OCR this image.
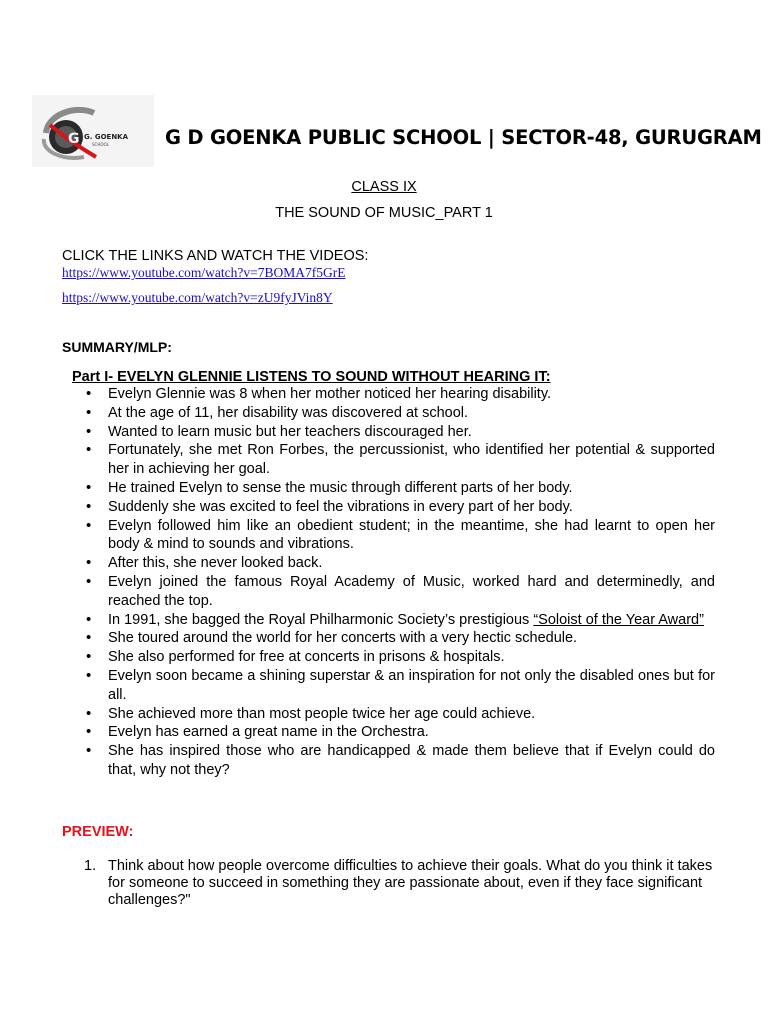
G G. GOENKA
SCHOOL	G D GOENKA PUBLIC SCHOOL | SECTOR-48, GURUGRAM
CLASS IX
THE SOUND OF MUSIC_PART 1
CLICK THE LINKS AND WATCH THE VIDEOS:
https://www.youtube.com/watch?v=7BOMA7f5GrE
https://www.youtube.com/watch?v=zU9fyJVin8Y
SUMMARY/MLP:
Part I- EVELYN GLENNIE LISTENS TO SOUND WITHOUT HEARING IT:
• Evelyn Glennie was 8 when her mother noticed her hearing disability.
• At the age of 11, her disability was discovered at school.
• Wanted to learn music but her teachers discouraged her.
• Fortunately, she met Ron Forbes, the percussionist, who identified her potential & supported her in achieving her goal.
• He trained Evelyn to sense the music through different parts of her body.
• Suddenly she was excited to feel the vibrations in every part of her body.
• Evelyn followed him like an obedient student; in the meantime, she had learnt to open her body & mind to sounds and vibrations.
• After this, she never looked back.
• Evelyn joined the famous Royal Academy of Music, worked hard and determinedly, and reached the top.
• In 1991, she bagged the Royal Philharmonic Society’s prestigious “Soloist of the Year Award”
• She toured around the world for her concerts with a very hectic schedule.
• She also performed for free at concerts in prisons & hospitals.
• Evelyn soon became a shining superstar & an inspiration for not only the disabled ones but for all.
• She achieved more than most people twice her age could achieve.
• Evelyn has earned a great name in the Orchestra.
• She has inspired those who are handicapped & made them believe that if Evelyn could do that, why not they?
PREVIEW:
1. Think about how people overcome difficulties to achieve their goals. What do you think it takes for someone to succeed in something they are passionate about, even if they face significant challenges?"
